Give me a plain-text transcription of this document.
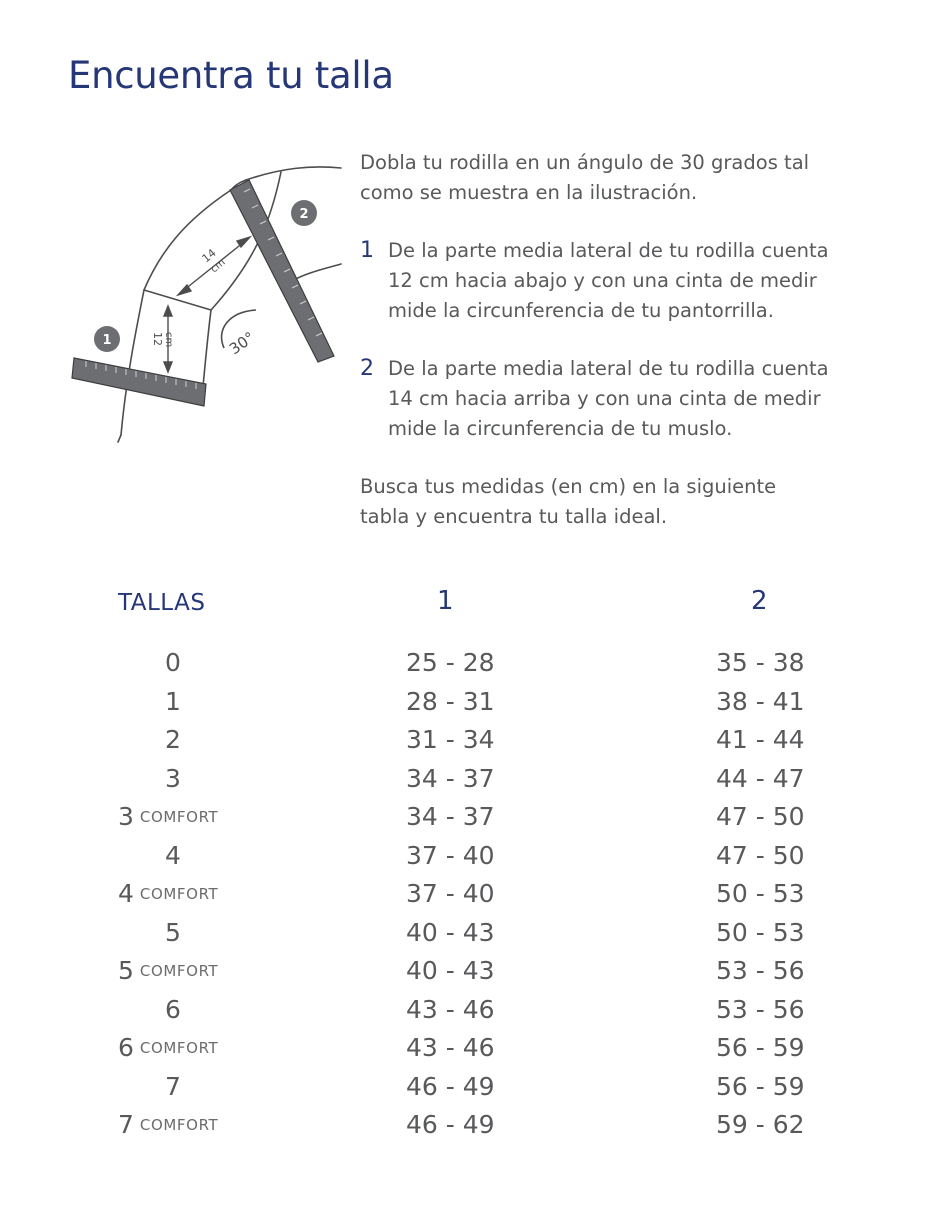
Encuentra tu talla
12 cm
14
cm
30°
1
2

Dobla tu rodilla en un ángulo de 30 grados tal
como se muestra en la ilustración.

1 De la parte media lateral de tu rodilla cuenta
12 cm hacia abajo y con una cinta de medir
mide la circunferencia de tu pantorrilla.
2 De la parte media lateral de tu rodilla cuenta
14 cm hacia arriba y con una cinta de medir
mide la circunferencia de tu muslo.

Busca tus medidas (en cm) en la siguiente
tabla y encuentra tu talla ideal.

TALLAS	1	2
0	25 - 28	35 - 38
1	28 - 31	38 - 41
2	31 - 34	41 - 44
3	34 - 37	44 - 47
3 COMFORT	34 - 37	47 - 50
4	37 - 40	47 - 50
4 COMFORT	37 - 40	50 - 53
5	40 - 43	50 - 53
5 COMFORT	40 - 43	53 - 56
6	43 - 46	53 - 56
6 COMFORT	43 - 46	56 - 59
7	46 - 49	56 - 59
7 COMFORT	46 - 49	59 - 62
